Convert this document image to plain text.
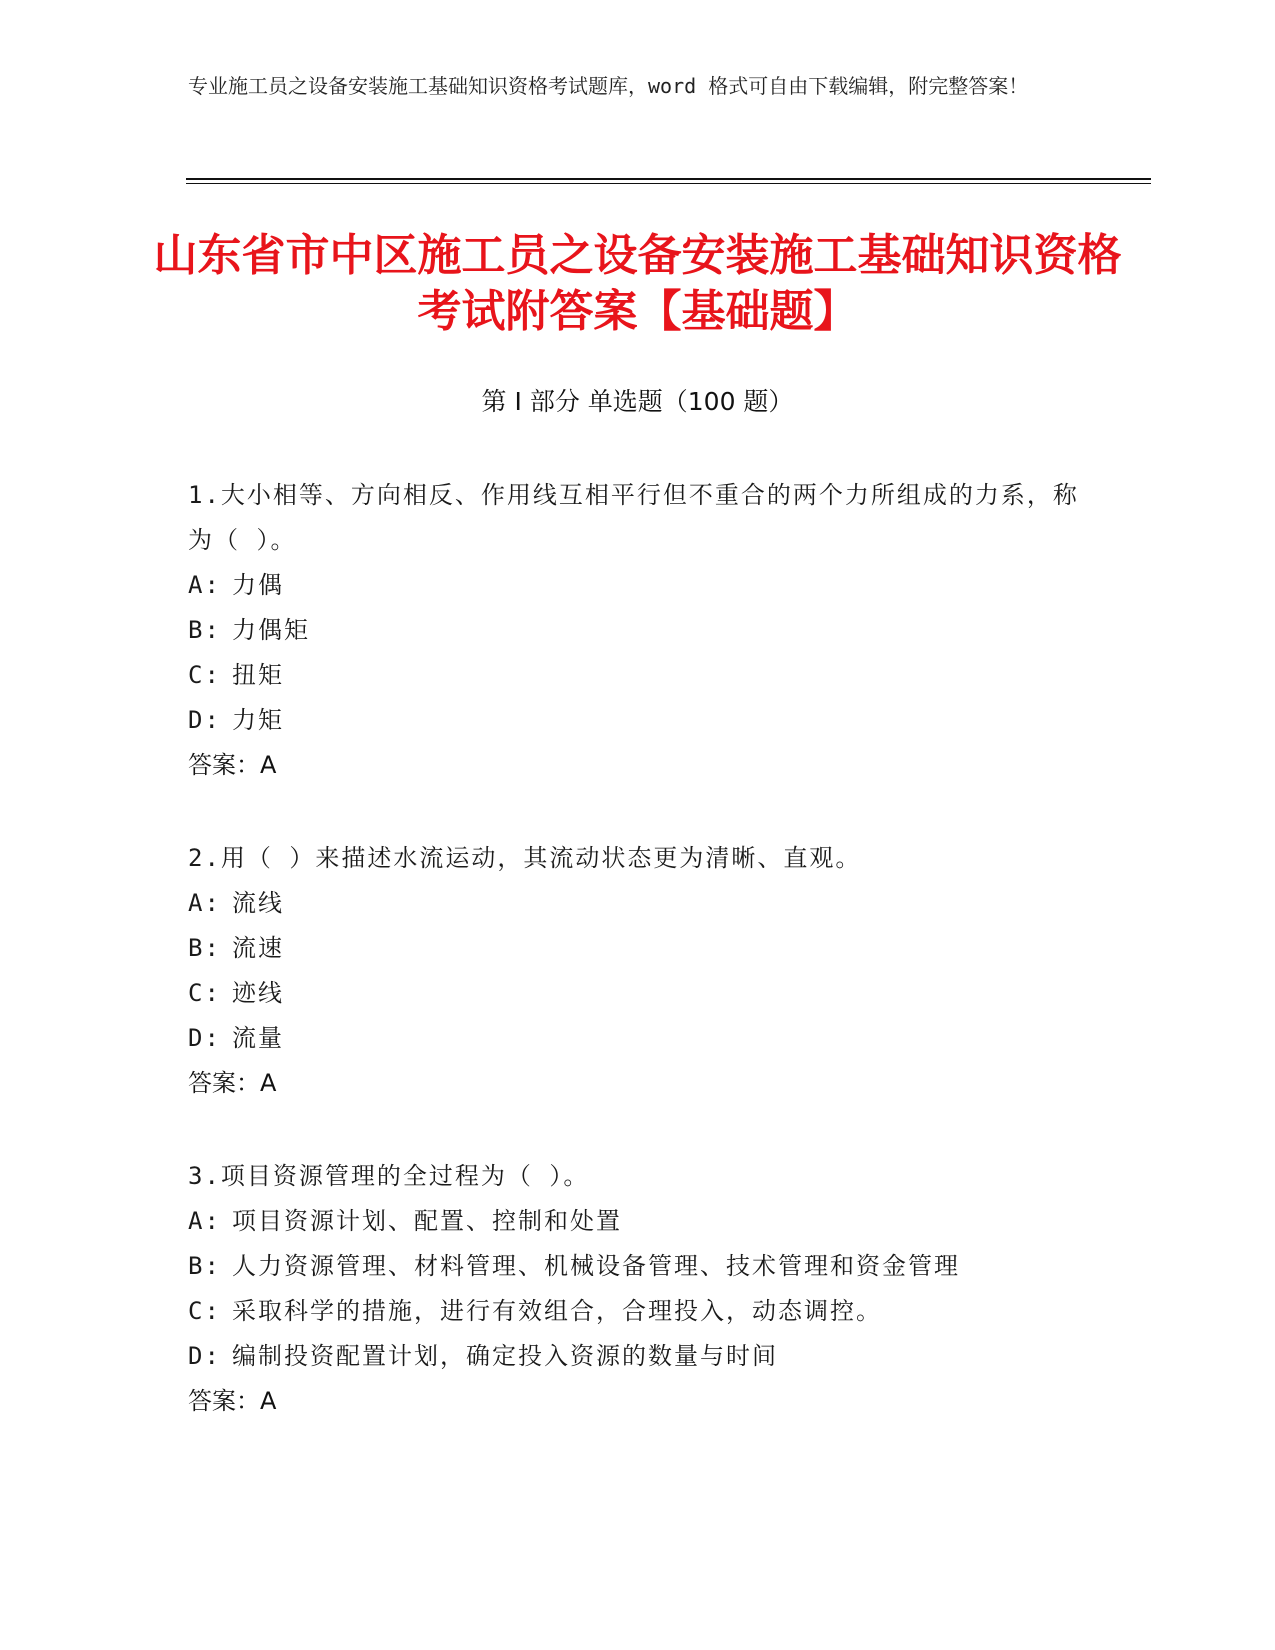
专业施工员之设备安装施工基础知识资格考试题库，word 格式可自由下载编辑，附完整答案！
山东省市中区施工员之设备安装施工基础知识资格考试附答案【基础题】
第 I 部分 单选题（100 题）
1.大小相等、方向相反、作用线互相平行但不重合的两个力所组成的力系，称为（ ）。
A: 力偶
B: 力偶矩
C: 扭矩
D: 力矩
答案：A
2.用（ ）来描述水流运动，其流动状态更为清晰、直观。
A: 流线
B: 流速
C: 迹线
D: 流量
答案：A
3.项目资源管理的全过程为（ ）。
A: 项目资源计划、配置、控制和处置
B: 人力资源管理、材料管理、机械设备管理、技术管理和资金管理
C: 采取科学的措施，进行有效组合，合理投入，动态调控。
D: 编制投资配置计划，确定投入资源的数量与时间
答案：A
